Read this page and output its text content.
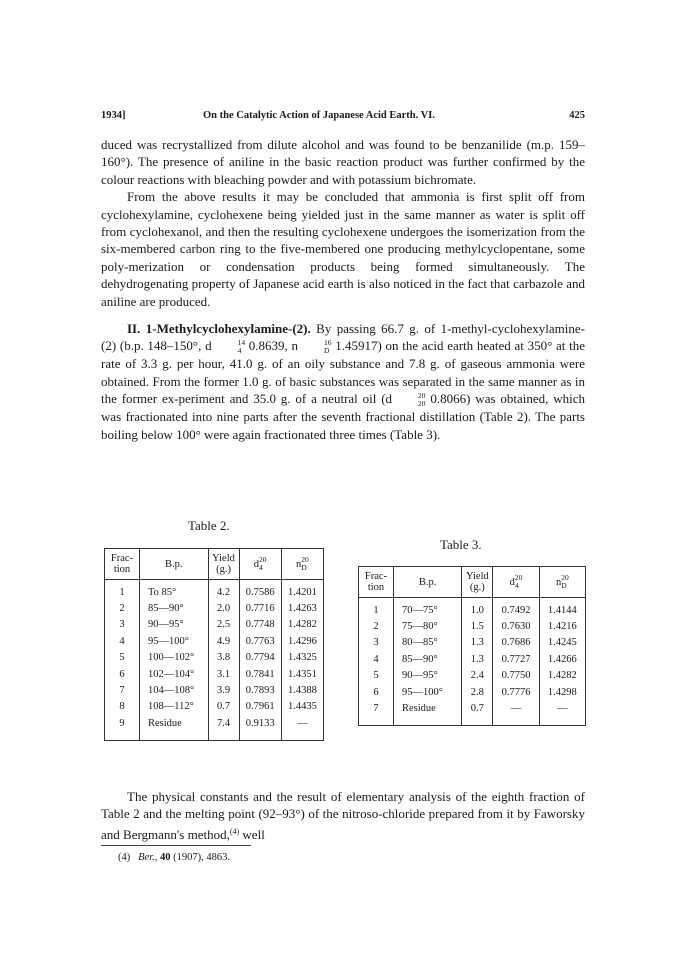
1934]	On the Catalytic Action of Japanese Acid Earth. VI.	425

duced was recrystallized from dilute alcohol and was found to be benzanilide (m.p. 159–160°). The presence of aniline in the basic reaction product was further confirmed by the colour reactions with bleaching powder and with potassium bichromate.

From the above results it may be concluded that ammonia is first split off from cyclohexylamine, cyclohexene being yielded just in the same manner as water is split off from cyclohexanol, and then the resulting cyclohexene undergoes the isomerization from the six-membered carbon ring to the five-membered one producing methylcyclopentane, some poly-merization or condensation products being formed simultaneously. The dehydrogenating property of Japanese acid earth is also noticed in the fact that carbazole and aniline are produced.

II. 1-Methylcyclohexylamine-(2). By passing 66.7 g. of 1-methyl-cyclohexylamine-(2) (b.p. 148–150°, d	14
4 0.8639, n	16
D 1.45917) on the acid earth heated at 350° at the rate of 3.3 g. per hour, 41.0 g. of an oily substance and 7.8 g. of gaseous ammonia were obtained. From the former 1.0 g. of basic substances was separated in the same manner as in the former ex-periment and 35.0 g. of a neutral oil (d	20
20 0.8066) was obtained, which was fractionated into nine parts after the seventh fractional distillation (Table 2). The parts boiling below 100° were again fractionated three times (Table 3).

Table 2.
Frac-tion	B.p.	Yield (g.)	d 20
4	n 20
D

1	To 85°	4.2	0.7586	1.4201
2	85—90°	2.0	0.7716	1.4263
3	90—95°	2.5	0.7748	1.4282
4	95—100°	4.9	0.7763	1.4296
5	100—102°	3.8	0.7794	1.4325
6	102—104°	3.1	0.7841	1.4351
7	104—108°	3.9	0.7893	1.4388
8	108—112°	0.7	0.7961	1.4435
9	Residue	7.4	0.9133	—
Table 3.
Frac-tion	B.p.	Yield (g.)	d 20
4	n 20
D

1	70—75°	1.0	0.7492	1.4144
2	75—80°	1.5	0.7630	1.4216
3	80—85°	1.3	0.7686	1.4245
4	85—90°	1.3	0.7727	1.4266
5	90—95°	2.4	0.7750	1.4282
6	95—100°	2.8	0.7776	1.4298
7	Residue	0.7	—	—

The physical constants and the result of elementary analysis of the eighth fraction of Table 2 and the melting point (92–93°) of the nitroso-chloride prepared from it by Faworsky and Bergmann's method,$^{(4)}$ well

(4) Ber., 40 (1907), 4863.
